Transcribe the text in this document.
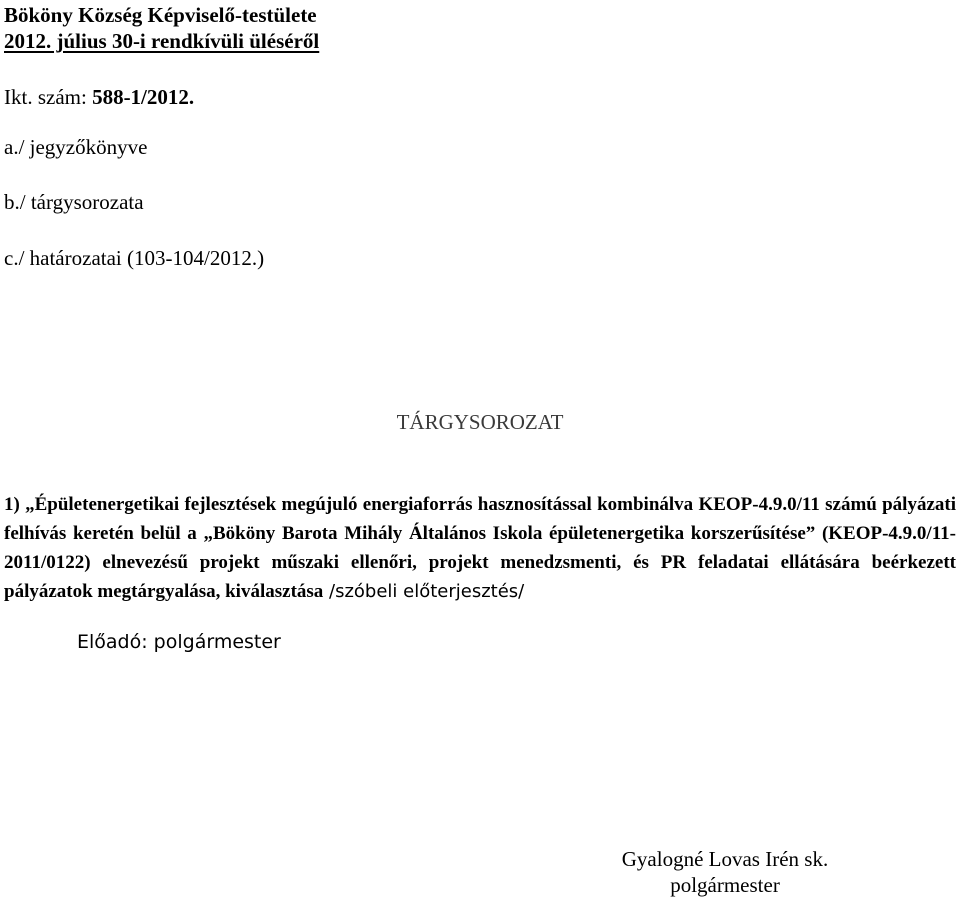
Bököny Község Képviselő-testülete
2012. július 30-i rendkívüli üléséről
Ikt. szám: 588-1/2012.
a./ jegyzőkönyve
b./ tárgysorozata
c./ határozatai (103-104/2012.)
TÁRGYSOROZAT
1) „Épületenergetikai fejlesztések megújuló energiaforrás hasznosítással kombinálva KEOP-4.9.0/11 számú pályázati felhívás keretén belül a „Bököny Barota Mihály Általános Iskola épületenergetika korszerűsítése” (KEOP-4.9.0/11-2011/0122) elnevezésű projekt műszaki ellenőri, projekt menedzsmenti, és PR feladatai ellátására beérkezett pályázatok megtárgyalása, kiválasztása /szóbeli előterjesztés/
Előadó: polgármester
Gyalogné Lovas Irén sk.
polgármester
